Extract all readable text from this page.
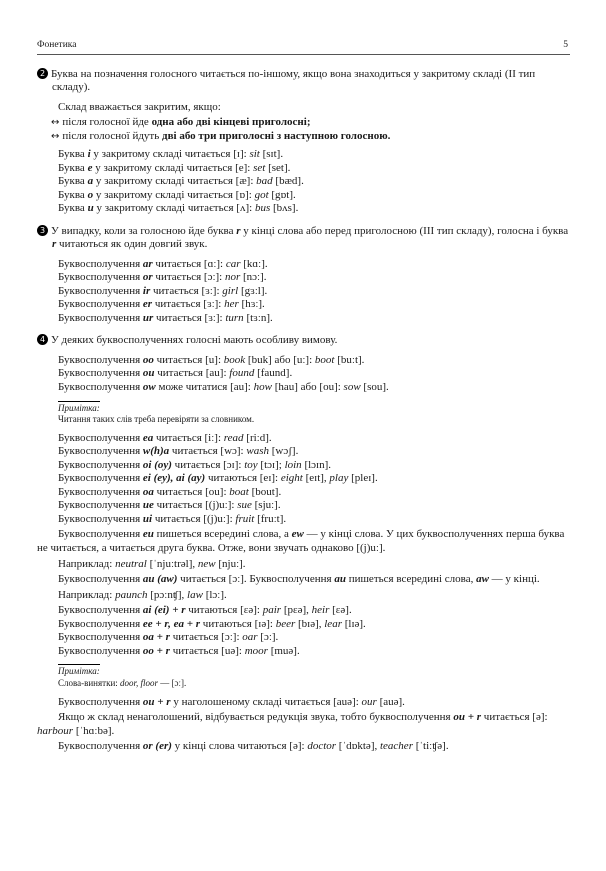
Фонетика	5
2 Буква на позначення голосного читається по-іншому, якщо вона знаходиться у закритому складі (ІІ тип складу).
Склад вважається закритим, якщо:
↔ після голосної йде одна або дві кінцеві приголосні;
↔ після голосної йдуть дві або три приголосні з наступною голосною.
Буква i у закритому складі читається [ɪ]: sit [sɪt].
Буква e у закритому складі читається [e]: set [set].
Буква a у закритому складі читається [æ]: bad [bæd].
Буква o у закритому складі читається [ɒ]: got [gɒt].
Буква u у закритому складі читається [ʌ]: bus [bʌs].
3 У випадку, коли за голосною йде буква r у кінці слова або перед приголосною (ІІІ тип складу), голосна і буква r читаються як один довгий звук.
Буквосполучення ar читається [ɑː]: car [kɑː].
Буквосполучення or читається [ɔː]: nor [nɔː].
Буквосполучення ir читається [ɜː]: girl [gɜːl].
Буквосполучення er читається [ɜː]: her [hɜː].
Буквосполучення ur читається [ɜː]: turn [tɜːn].
4 У деяких буквосполученнях голосні мають особливу вимову.
Буквосполучення oo читається [u]: book [buk] або [uː]: boot [buːt].
Буквосполучення ou читається [au]: found [faund].
Буквосполучення ow може читатися [au]: how [hau] або [ou]: sow [sou].
Примітка:
Читання таких слів треба перевіряти за словником.
Буквосполучення ea читається [iː]: read [riːd].
Буквосполучення w(h)a читається [wɔ]: wash [wɔʃ].
Буквосполучення oi (oy) читається [ɔɪ]: toy [tɔɪ]; loin [lɔɪn].
Буквосполучення ei (ey), ai (ay) читаються [eɪ]: eight [eɪt], play [pleɪ].
Буквосполучення oa читається [ou]: boat [bout].
Буквосполучення ue читається [(j)uː]: sue [sjuː].
Буквосполучення ui читається [(j)uː]: fruit [fruːt].
Буквосполучення eu пишеться всередині слова, а ew — у кінці слова. У цих буквосполученнях перша буква не читається, а читається друга буква. Отже, вони звучать однаково [(j)uː].
Наприклад: neutral [ˈnjuːtrəl], new [njuː].
Буквосполучення au (aw) читається [ɔː]. Буквосполучення au пишеться всередині слова, aw — у кінці.
Наприклад: paunch [pɔːnʧ], law [lɔː].
Буквосполучення ai (ei) + r читаються [ɛə]: pair [pɛə], heir [ɛə].
Буквосполучення ee + r, ea + r читаються [ɪə]: beer [bɪə], lear [lɪə].
Буквосполучення oa + r читається [ɔː]: oar [ɔː].
Буквосполучення oo + r читається [uə]: moor [muə].
Примітка:
Слова-винятки: door, floor — [ɔː].
Буквосполучення ou + r у наголошеному складі читається [auə]: our [auə].
Якщо ж склад ненаголошений, відбувається редукція звука, тобто буквосполучення ou + r читається [ə]: harbour [ˈhɑːbə].
Буквосполучення or (er) у кінці слова читаються [ə]: doctor [ˈdɒktə], teacher [ˈtiːʧə].
